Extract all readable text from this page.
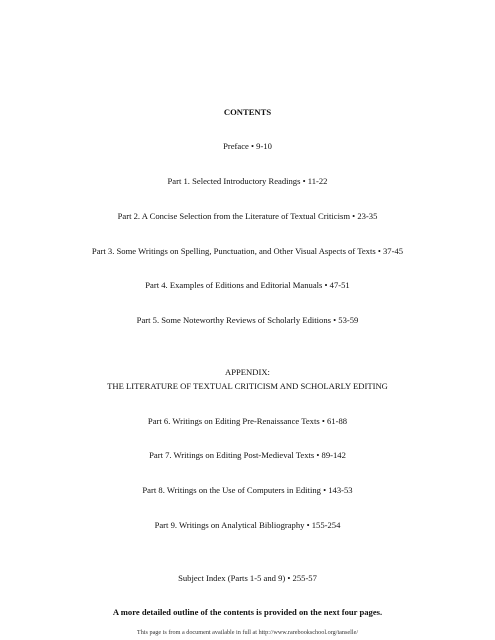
CONTENTS
Preface • 9-10
Part 1. Selected Introductory Readings • 11-22
Part 2. A Concise Selection from the Literature of Textual Criticism • 23-35
Part 3. Some Writings on Spelling, Punctuation, and Other Visual Aspects of Texts • 37-45
Part 4. Examples of Editions and Editorial Manuals • 47-51
Part 5. Some Noteworthy Reviews of Scholarly Editions • 53-59
APPENDIX:
THE LITERATURE OF TEXTUAL CRITICISM AND SCHOLARLY EDITING
Part 6. Writings on Editing Pre-Renaissance Texts • 61-88
Part 7. Writings on Editing Post-Medieval Texts • 89-142
Part 8. Writings on the Use of Computers in Editing • 143-53
Part 9. Writings on Analytical Bibliography • 155-254
Subject Index (Parts 1-5 and 9) • 255-57
A more detailed outline of the contents is provided on the next four pages.
This page is from a document available in full at http://www.rarebookschool.org/tanselle/
